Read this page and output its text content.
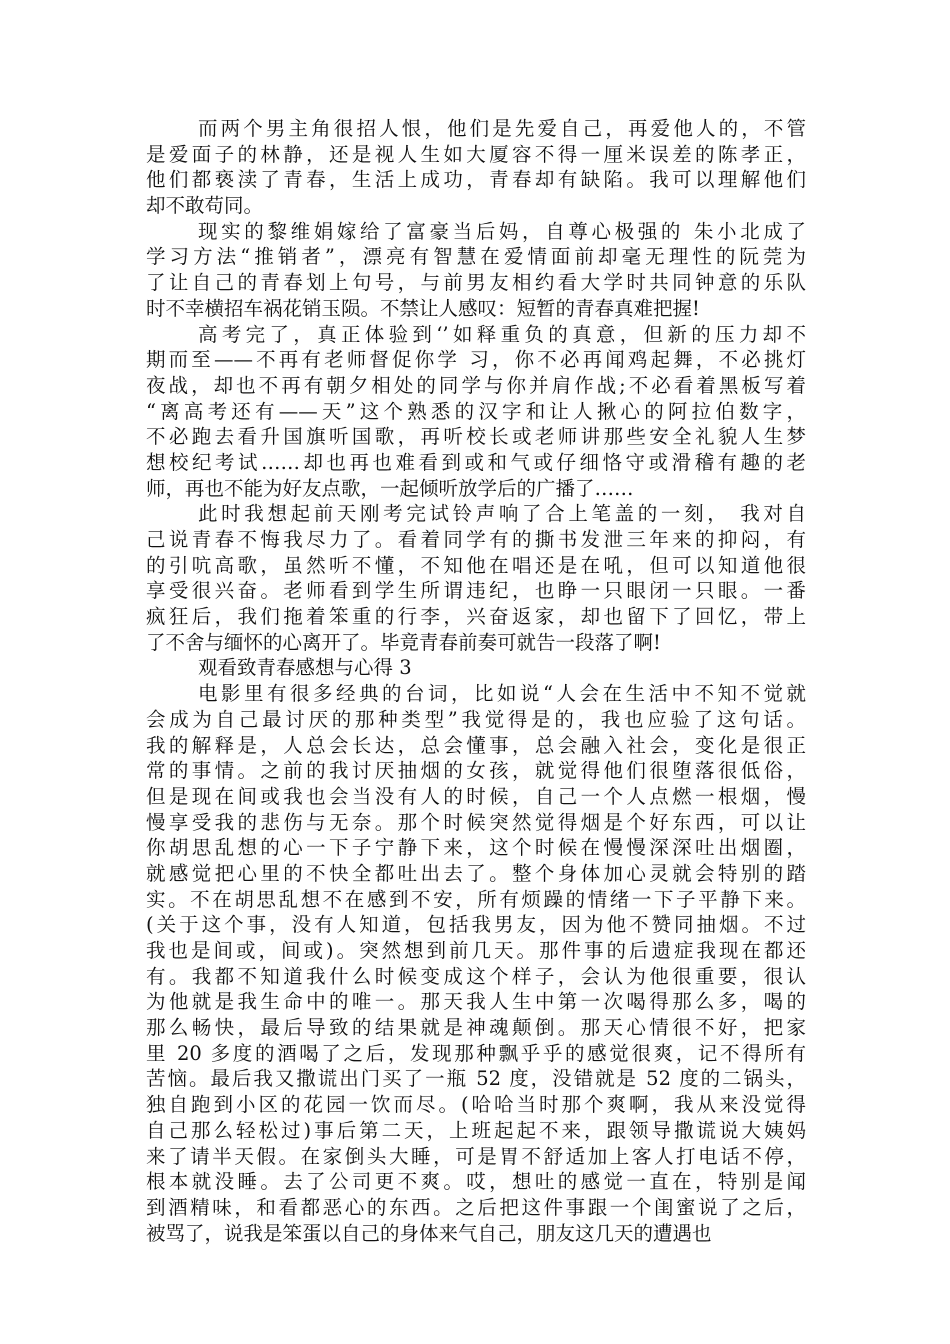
而两个男主角很招人恨，他们是先爱自己，再爱他人的，不管
是爱面子的林静，还是视人生如大厦容不得一厘米误差的陈孝正，
他们都亵渎了青春，生活上成功，青春却有缺陷。我可以理解他们
却不敢苟同。
现实的黎维娟嫁给了富豪当后妈，自尊心极强的 朱小北成了
学习方法“推销者”，漂亮有智慧在爱情面前却毫无理性的阮莞为
了让自己的青春划上句号，与前男友相约看大学时共同钟意的乐队
时不幸横招车祸花销玉陨。不禁让人感叹：短暂的青春真难把握!
高考完了，真正体验到‘’如释重负的真意，但新的压力却不
期而至——不再有老师督促你学 习，你不必再闻鸡起舞，不必挑灯
夜战，却也不再有朝夕相处的同学与你并肩作战;不必看着黑板写着
“离高考还有——天”这个熟悉的汉字和让人揪心的阿拉伯数字，
不必跑去看升国旗听国歌，再听校长或老师讲那些安全礼貌人生梦
想校纪考试……却也再也难看到或和气或仔细恪守或滑稽有趣的老
师，再也不能为好友点歌，一起倾听放学后的广播了……
此时我想起前天刚考完试铃声响了合上笔盖的一刻， 我对自
己说青春不悔我尽力了。看着同学有的撕书发泄三年来的抑闷，有
的引吭高歌，虽然听不懂，不知他在唱还是在吼，但可以知道他很
享受很兴奋。老师看到学生所谓违纪，也睁一只眼闭一只眼。一番
疯狂后，我们拖着笨重的行李，兴奋返家，却也留下了回忆，带上
了不舍与缅怀的心离开了。毕竟青春前奏可就告一段落了啊!
观看致青春感想与心得 3
电影里有很多经典的台词，比如说“人会在生活中不知不觉就
会成为自己最讨厌的那种类型”我觉得是的，我也应验了这句话。
我的解释是，人总会长达，总会懂事，总会融入社会，变化是很正
常的事情。之前的我讨厌抽烟的女孩，就觉得他们很堕落很低俗，
但是现在间或我也会当没有人的时候，自己一个人点燃一根烟，慢
慢享受我的悲伤与无奈。那个时候突然觉得烟是个好东西，可以让
你胡思乱想的心一下子宁静下来，这个时候在慢慢深深吐出烟圈，
就感觉把心里的不快全都吐出去了。整个身体加心灵就会特别的踏
实。不在胡思乱想不在感到不安，所有烦躁的情绪一下子平静下来。
(关于这个事，没有人知道，包括我男友，因为他不赞同抽烟。不过
我也是间或，间或)。突然想到前几天。那件事的后遗症我现在都还
有。我都不知道我什么时候变成这个样子，会认为他很重要，很认
为他就是我生命中的唯一。那天我人生中第一次喝得那么多，喝的
那么畅快，最后导致的结果就是神魂颠倒。那天心情很不好，把家
里 20 多度的酒喝了之后，发现那种飘乎乎的感觉很爽，记不得所有
苦恼。最后我又撒谎出门买了一瓶 52 度，没错就是 52 度的二锅头，
独自跑到小区的花园一饮而尽。(哈哈当时那个爽啊，我从来没觉得
自己那么轻松过)事后第二天，上班起起不来，跟领导撒谎说大姨妈
来了请半天假。在家倒头大睡，可是胃不舒适加上客人打电话不停，
根本就没睡。去了公司更不爽。哎，想吐的感觉一直在，特别是闻
到酒精味，和看都恶心的东西。之后把这件事跟一个闺蜜说了之后，
被骂了，说我是笨蛋以自己的身体来气自己，朋友这几天的遭遇也
